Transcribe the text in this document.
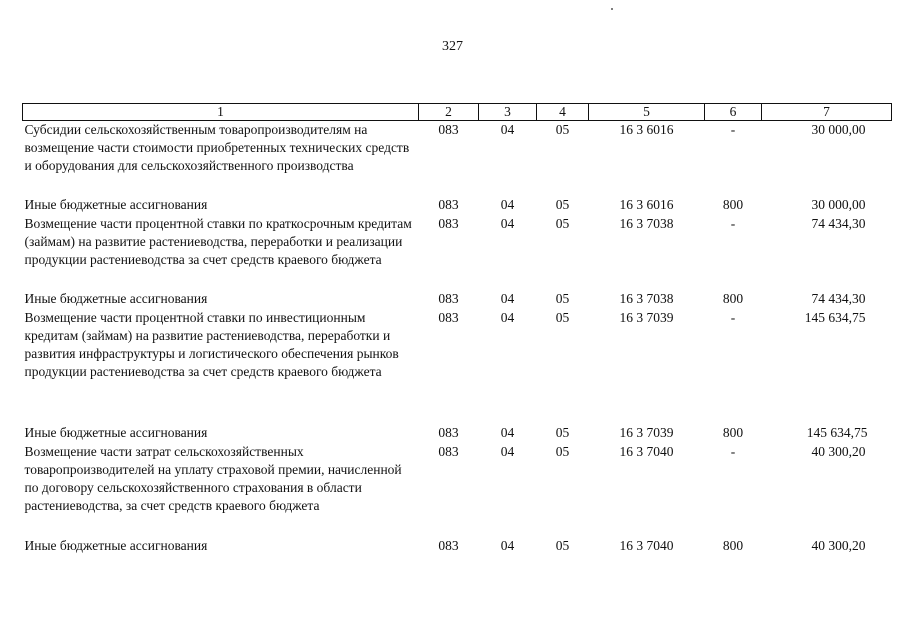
327
1	2	3	4	5	6	7
Субсидии сельскохозяйственным товаропроизводителям на возмещение части стоимости приобретенных технических средств и оборудования для сельскохозяйственного производства	083	04	05	16 3 6016	-	30 000,00
Иные бюджетные ассигнования	083	04	05	16 3 6016	800	30 000,00
Возмещение части процентной ставки по краткосрочным кредитам (займам) на развитие растениеводства, переработки и реализации продукции растениеводства за счет средств краевого бюджета	083	04	05	16 3 7038	-	74 434,30
Иные бюджетные ассигнования	083	04	05	16 3 7038	800	74 434,30
Возмещение части процентной ставки по инвестиционным кредитам (займам) на развитие растениеводства, переработки и развития инфраструктуры и логистического обеспечения рынков продукции растениеводства за счет средств краевого бюджета	083	04	05	16 3 7039	-	145 634,75
Иные бюджетные ассигнования	083	04	05	16 3 7039	800	145 634,75
Возмещение части затрат сельскохозяйственных товаропроизводителей на уплату страховой премии, начисленной по договору сельскохозяйственного страхования в области растениеводства, за счет средств краевого бюджета	083	04	05	16 3 7040	-	40 300,20
Иные бюджетные ассигнования	083	04	05	16 3 7040	800	40 300,20
